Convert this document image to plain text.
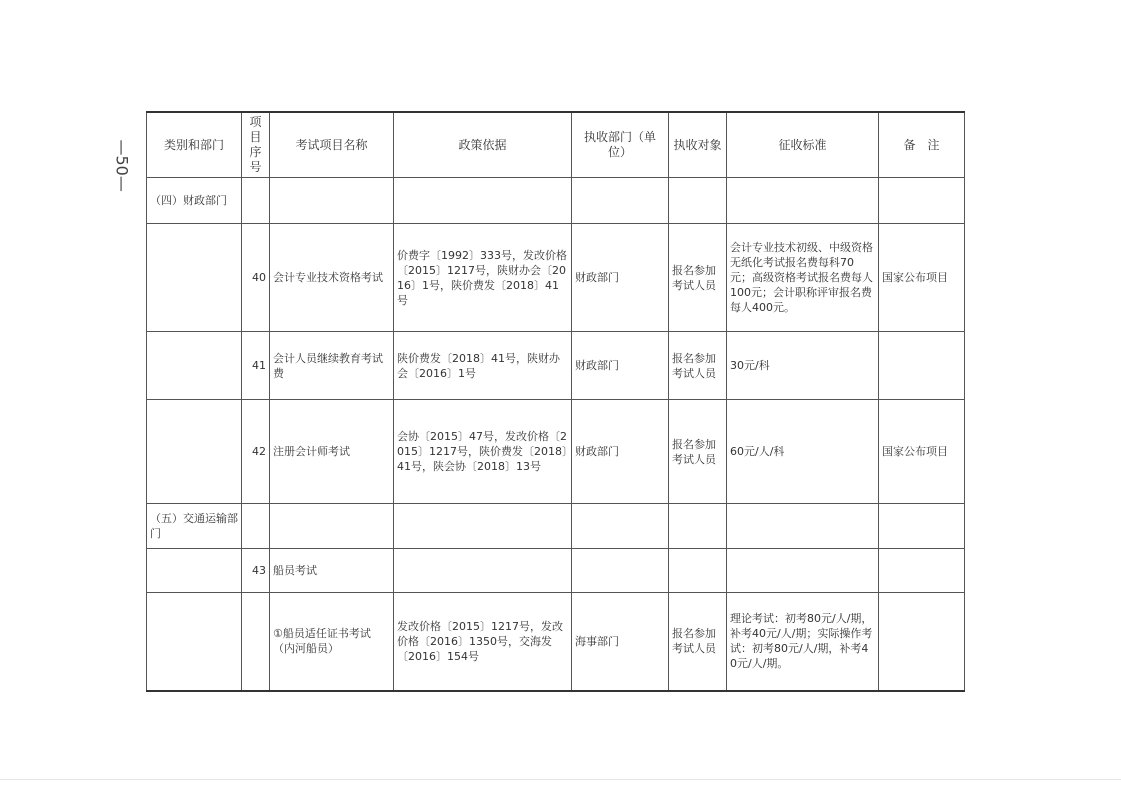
—50—	类别和部门	项目序号	考试项目名称	政策依据	执收部门（单位）	执收对象	征收标准	备　注
（四）财政部门							
	40	会计专业技术资格考试	价费字〔1992〕333号，发改价格〔2015〕1217号，陕财办会〔2016〕1号，陕价费发〔2018〕41号	财政部门	报名参加考试人员	会计专业技术初级、中级资格无纸化考试报名费每科70元；高级资格考试报名费每人100元；会计职称评审报名费每人400元。	国家公布项目
	41	会计人员继续教育考试费	陕价费发〔2018〕41号，陕财办会〔2016〕1号	财政部门	报名参加考试人员	30元/科	
	42	注册会计师考试	会协〔2015〕47号，发改价格〔2015〕1217号，陕价费发〔2018〕41号，陕会协〔2018〕13号	财政部门	报名参加考试人员	60元/人/科	国家公布项目
（五）交通运输部门							
	43	船员考试					
		①船员适任证书考试（内河船员）	发改价格〔2015〕1217号，发改价格〔2016〕1350号，交海发〔2016〕154号	海事部门	报名参加考试人员	理论考试：初考80元/人/期，补考40元/人/期；实际操作考试：初考80元/人/期，补考40元/人/期。	
